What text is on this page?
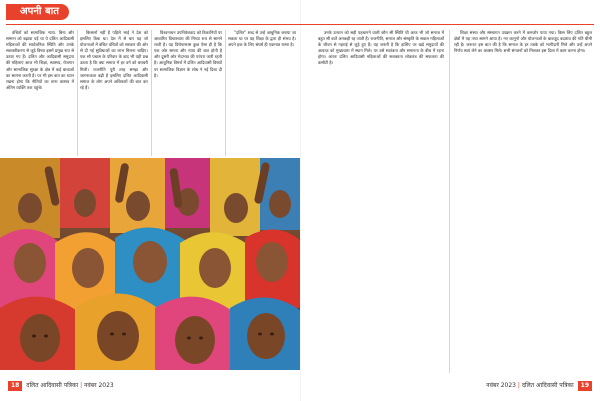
अपनी बात

वंचितों को सामाजिक न्याय. बिना और सम्मान को बढ़ावा पड़ें था ये दलित आदिवासी महिलाओं की सार्वजनिक स्थिति और उनके सशक्तीकरण से जुड़े विषय इसमें प्रमुख रूप से उठाए गए हैं। दलित और आदिवासी समुदाय की महिलाएं आज भी शिक्षा, स्वास्थ्य, रोजगार और सामाजिक सुरक्षा के क्षेत्र में कई बाधाओं का सामना करती हैं। पर भी इस बात का ध्यान रखना होगा कि नीतियों का लाभ वास्तव में अंतिम व्यक्ति तक पहुंचे।

किसानों नहीं है पहिले भाई ने देश को इसलिए ठिक था। देश में से चार यह जो योजनाओं में बंचित वंचितों को सरकार की ओर से दी गई सुविधाओं का लाभ मिलना चाहिए। एक सौ पचास के परिवार के बाद भी यही प्रश्न उठता है कि क्या समाज में हर वर्ग को बराबरी मिली। राजनीति पूरी तरह समझ और जागरूकता बढ़ी है इसलिए दलित आदिवासी समाज के लोग अपने अधिकारों की बात कर रहे हैं।

विश्वनाथन उपनिवेशवाद को ठिकानियों पर आधारित विचारधारा की मिथ्या रूप से सामने लाती है। यह विरोधाभास कुछ ऐसा ही है कि एक ओर समता और न्याय की बात होती है और दूसरी ओर भेदभाव की परंपरा जारी रहती है। आधुनिक विमर्श में दलित आदिवासी विषयों पर सामाजिक विज्ञान के शोध ने नई दिशा दी है।

"दलित" शब्द से उन्हें आधुनिक बनाया जा सकता था पर वह शिक्षा के द्वारा ही संभव है। अपने हक के लिए संघर्ष ही एकमात्र रास्ता है।

उनके उत्थान को सही पहचानने वाली कौन सी स्थिति थी आज भी जो समाज में बहुत सी बातें अनकही रह जाती हैं। राजनीति, समाज और संस्कृति के सवाल महिलाओं के जीवन से गहराई से जुड़े हुए हैं। यह जरूरी है कि हाशिए पर खड़े समुदायों की आवाज़ को मुख्यधारा में स्थान मिले। पर उसे स्वतंत्रता और समानता के बीच में रहना होगा। अंततः दलित आदिवासी महिलाओं की सशक्तता लोकतंत्र की सफलता की कसौटी है।

शिक्षा संस्था और संस्थागत उपक्रम करने में कमजोर पाया गया। किस लिए दलित बहुल क्षेत्रों में यह तथ्य सामने आया है। नए कानूनों और योजनाओं के बावजूद बदलाव की गति धीमी रही है। जरूरत इस बात की है कि समाज के हर तबके को भागीदारी मिले और उन्हें अपने निर्णय स्वयं लेने का अवसर मिले। सभी संगठनों को मिलकर इस दिशा में काम करना होगा।

18 दलित आदिवासी पत्रिका | नवंबर 2023	नवंबर 2023 | दलित आदिवासी पत्रिका 19
